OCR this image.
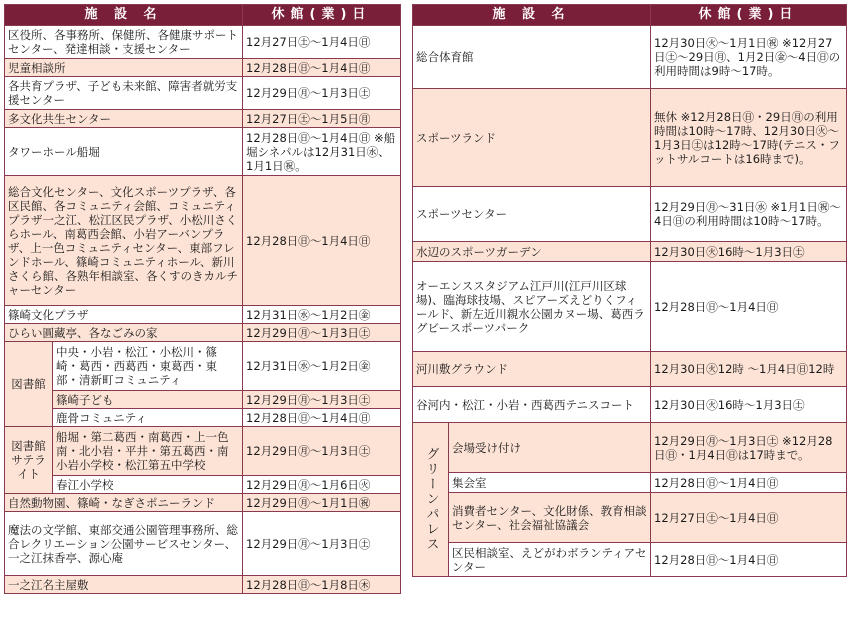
施 設 名		休館(業)日
区役所、各事務所、保健所、各健康サポートセンター、発達相談・支援センター		12月27日㊏～1月4日㊐
児童相談所		12月28日㊐～1月4日㊐
各共育プラザ、子ども未来館、障害者就労支援センター		12月29日㊊～1月3日㊏
多文化共生センター		12月27日㊏～1月5日㊊
タワーホール船堀		12月28日㊐～1月4日㊐ ※船堀シネパルは12月31日㊌、1月1日㊗。
総合文化センター、文化スポーツプラザ、各区民館、各コミュニティ会館、コミュニティプラザ一之江、松江区民プラザ、小松川さくらホール、南葛西会館、小岩アーバンプラザ、上一色コミュニティセンター、東部フレンドホール、篠崎コミュニティホール、新川さくら館、各熟年相談室、各くすのきカルチャーセンター		12月28日㊐～1月4日㊐
篠崎文化プラザ		12月31日㊌～1月2日㊎
ひらい圓藏亭、各なごみの家		12月29日㊊～1月3日㊏
図書館	中央・小岩・松江・小松川・篠崎・葛西・西葛西・東葛西・東部・清新町コミュニティ	12月31日㊌～1月2日㊎
	篠崎子ども	12月29日㊊～1月3日㊏
	鹿骨コミュニティ	12月28日㊐～1月4日㊐
図書館サテライト	船堀・第二葛西・南葛西・上一色南・北小岩・平井・第五葛西・南小岩小学校・松江第五中学校	12月29日㊊～1月3日㊏
	春江小学校	12月29日㊊～1月6日㊋
自然動物園、篠崎・なぎさポニーランド		12月29日㊊～1月1日㊗
魔法の文学館、東部交通公園管理事務所、総合レクリエーション公園サービスセンター、一之江抹香亭、源心庵		12月29日㊊～1月3日㊏
一之江名主屋敷		12月28日㊐～1月8日㊍
施 設 名		休館(業)日
総合体育館		12月30日㊋～1月1日㊗ ※12月27日㊏～29日㊊、1月2日㊎～4日㊐の利用時間は9時～17時。
スポーツランド		無休 ※12月28日㊐・29日㊊の利用時間は10時～17時、12月30日㊋～1月3日㊏は12時～17時(テニス・フットサルコートは16時まで)。
スポーツセンター		12月29日㊊～31日㊌ ※1月1日㊗～4日㊐の利用時間は10時～17時。
水辺のスポーツガーデン		12月30日㊋16時～1月3日㊏
オーエンススタジアム江戸川(江戸川区球場)、臨海球技場、スピアーズえどりくフィールド、新左近川親水公園カヌー場、葛西ラグビースポーツパーク		12月28日㊐～1月4日㊐
河川敷グラウンド		12月30日㊋12時 ～1月4日㊐12時
谷河内・松江・小岩・西葛西テニスコート		12月30日㊋16時～1月3日㊏

グリーンパレス	会場受け付け	12月29日㊊～1月3日㊏ ※12月28日㊐・1月4日㊐は17時まで。
	集会室	12月28日㊐～1月4日㊐
	消費者センター、文化財係、教育相談センター、社会福祉協議会	12月27日㊏～1月4日㊐
	区民相談室、えどがわボランティアセンター	12月28日㊐～1月4日㊐
